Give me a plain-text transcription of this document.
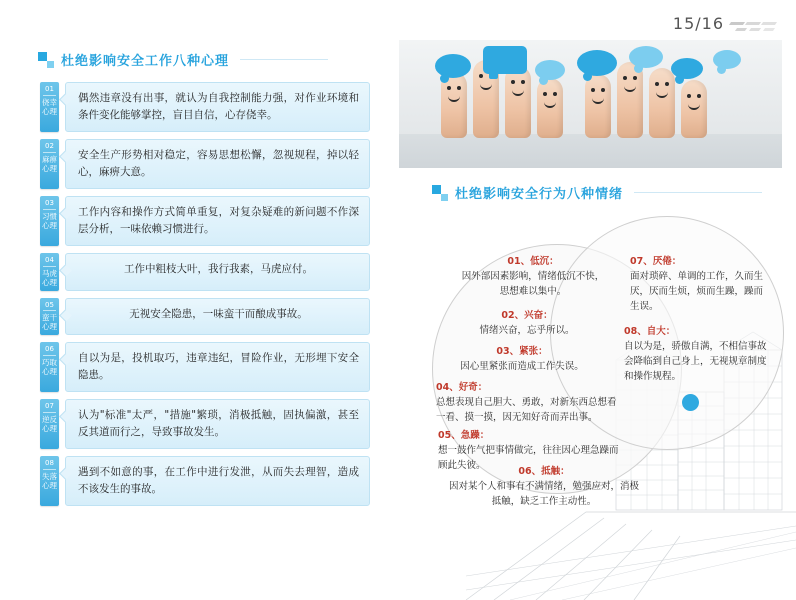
15/16
杜绝影响安全工作八种心理
01
侥幸心理
偶然违章没有出事，就认为自我控制能力强，对作业环境和条件变化能够掌控，盲目自信，心存侥幸。
02
麻痹心理
安全生产形势相对稳定，容易思想松懈，忽视规程，掉以轻心，麻痹大意。
03
习惯心理
工作内容和操作方式简单重复，对复杂疑难的新问题不作深层分析，一味依赖习惯进行。
04
马虎心理
工作中粗枝大叶，我行我素，马虎应付。
05
蛮干心理
无视安全隐患，一味蛮干而酿成事故。
06
巧取心理
自以为是，投机取巧，违章违纪，冒险作业，无形埋下安全隐患。
07
逆反心理
认为"标准"太严，"措施"繁琐，消极抵触，固执偏激，甚至反其道而行之，导致事故发生。
08
失落心理
遇到不如意的事，在工作中进行发泄，从而失去理智，造成不该发生的事故。
杜绝影响安全行为八种情绪
01、低沉：
因外部因素影响，情绪低沉不快，思想难以集中。
02、兴奋：
情绪兴奋，忘乎所以。
03、紧张：
因心里紧张而造成工作失误。
04、好奇：
总想表现自己胆大、勇敢，对新东西总想看一看、摸一摸，因无知好奇而弄出事。
05、急躁：
想一鼓作气把事情做完，往往因心理急躁而顾此失彼。
06、抵触：
因对某个人和事有不满情绪，勉强应对，消极抵触，缺乏工作主动性。
07、厌倦：
面对琐碎、单调的工作，久而生厌，厌而生烦，烦而生躁，躁而生误。
08、自大：
自以为是，骄傲自满，不相信事故会降临到自己身上，无视规章制度和操作规程。
